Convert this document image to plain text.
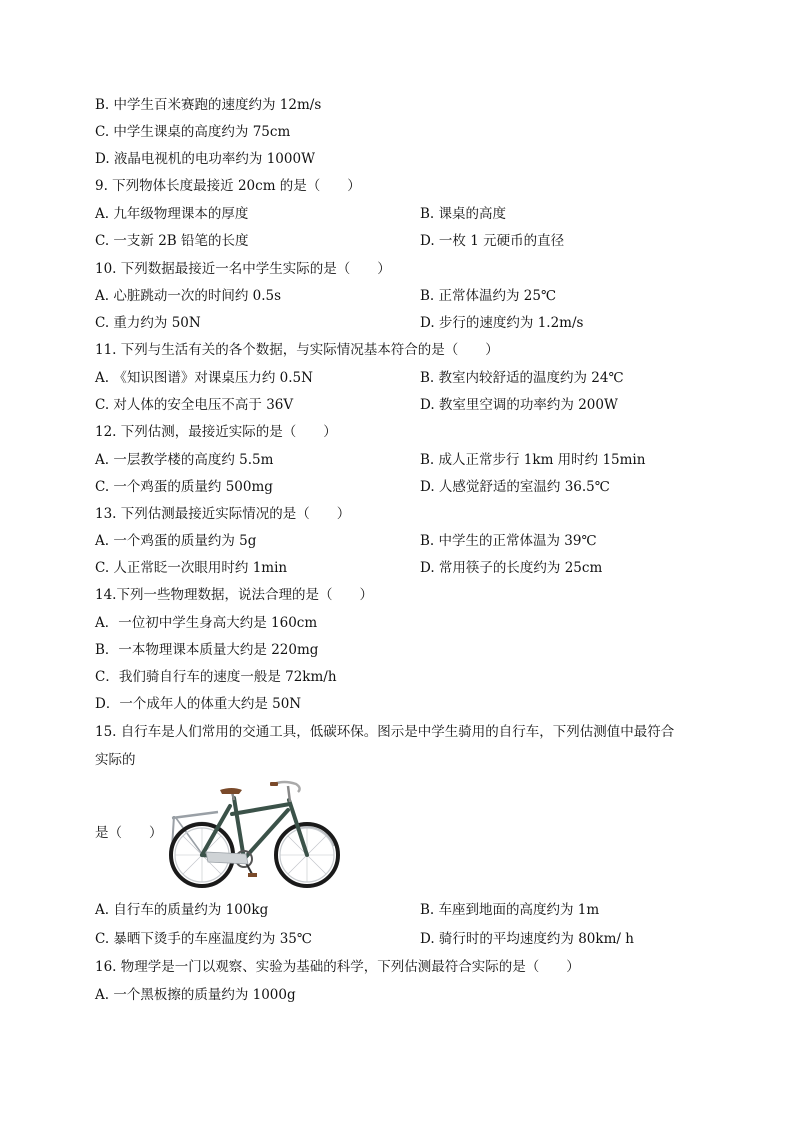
B. 中学生百米赛跑的速度约为 12m/s
C. 中学生课桌的高度约为 75cm
D. 液晶电视机的电功率约为 1000W
9. 下列物体长度最接近 20cm 的是（　　）
A. 九年级物理课本的厚度	B. 课桌的高度
C. 一支新 2B 铅笔的长度	D. 一枚 1 元硬币的直径
10. 下列数据最接近一名中学生实际的是（　　）
A. 心脏跳动一次的时间约 0.5s	B. 正常体温约为 25℃
C. 重力约为 50N	D. 步行的速度约为 1.2m/s
11. 下列与生活有关的各个数据，与实际情况基本符合的是（　　）
A. 《知识图谱》对课桌压力约 0.5N	B. 教室内较舒适的温度约为 24℃
C. 对人体的安全电压不高于 36V	D. 教室里空调的功率约为 200W
12. 下列估测，最接近实际的是（　　）
A. 一层教学楼的高度约 5.5m	B. 成人正常步行 1km 用时约 15min
C. 一个鸡蛋的质量约 500mg	D. 人感觉舒适的室温约 36.5℃
13. 下列估测最接近实际情况的是（　　）
A. 一个鸡蛋的质量约为 5g	B. 中学生的正常体温为 39℃
C. 人正常眨一次眼用时约 1min	D. 常用筷子的长度约为 25cm
14.下列一些物理数据，说法合理的是（　　）
A．一位初中学生身高大约是 160cm
B．一本物理课本质量大约是 220mg
C．我们骑自行车的速度一般是 72km/h
D．一个成年人的体重大约是 50N
15. 自行车是人们常用的交通工具，低碳环保。图示是中学生骑用的自行车，下列估测值中最符合
实际的
是（　　）
A. 自行车的质量约为 100kg	B. 车座到地面的高度约为 1m
C. 暴晒下烫手的车座温度约为 35℃	D. 骑行时的平均速度约为 80km/ h
16. 物理学是一门以观察、实验为基础的科学，下列估测最符合实际的是（　　）
A. 一个黑板擦的质量约为 1000g
